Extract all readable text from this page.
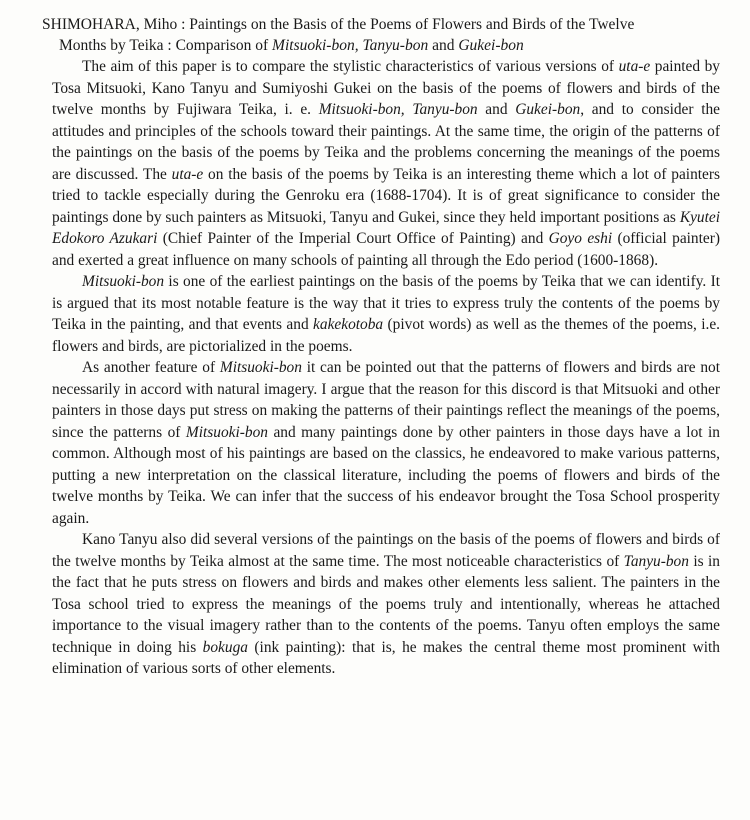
SHIMOHARA, Miho : Paintings on the Basis of the Poems of Flowers and Birds of the Twelve
Months by Teika : Comparison of Mitsuoki-bon, Tanyu-bon and Gukei-bon

The aim of this paper is to compare the stylistic characteristics of various versions of uta-e painted by Tosa Mitsuoki, Kano Tanyu and Sumiyoshi Gukei on the basis of the poems of flowers and birds of the twelve months by Fujiwara Teika, i. e. Mitsuoki-bon, Tanyu-bon and Gukei-bon, and to consider the attitudes and principles of the schools toward their paintings. At the same time, the origin of the patterns of the paintings on the basis of the poems by Teika and the problems concerning the meanings of the poems are discussed. The uta-e on the basis of the poems by Teika is an interesting theme which a lot of painters tried to tackle especially during the Genroku era (1688-1704). It is of great significance to consider the paintings done by such painters as Mitsuoki, Tanyu and Gukei, since they held important positions as Kyutei Edokoro Azukari (Chief Painter of the Imperial Court Office of Painting) and Goyo eshi (official painter) and exerted a great influence on many schools of painting all through the Edo period (1600-1868).

Mitsuoki-bon is one of the earliest paintings on the basis of the poems by Teika that we can identify. It is argued that its most notable feature is the way that it tries to express truly the contents of the poems by Teika in the painting, and that events and kakekotoba (pivot words) as well as the themes of the poems, i.e. flowers and birds, are pictorialized in the poems.

As another feature of Mitsuoki-bon it can be pointed out that the patterns of flowers and birds are not necessarily in accord with natural imagery. I argue that the reason for this discord is that Mitsuoki and other painters in those days put stress on making the patterns of their paintings reflect the meanings of the poems, since the patterns of Mitsuoki-bon and many paintings done by other painters in those days have a lot in common. Although most of his paintings are based on the classics, he endeavored to make various patterns, putting a new interpretation on the classical literature, including the poems of flowers and birds of the twelve months by Teika. We can infer that the success of his endeavor brought the Tosa School prosperity again.

Kano Tanyu also did several versions of the paintings on the basis of the poems of flowers and birds of the twelve months by Teika almost at the same time. The most noticeable characteristics of Tanyu-bon is in the fact that he puts stress on flowers and birds and makes other elements less salient. The painters in the Tosa school tried to express the meanings of the poems truly and intentionally, whereas he attached importance to the visual imagery rather than to the contents of the poems. Tanyu often employs the same technique in doing his bokuga (ink painting): that is, he makes the central theme most prominent with elimination of various sorts of other elements.
